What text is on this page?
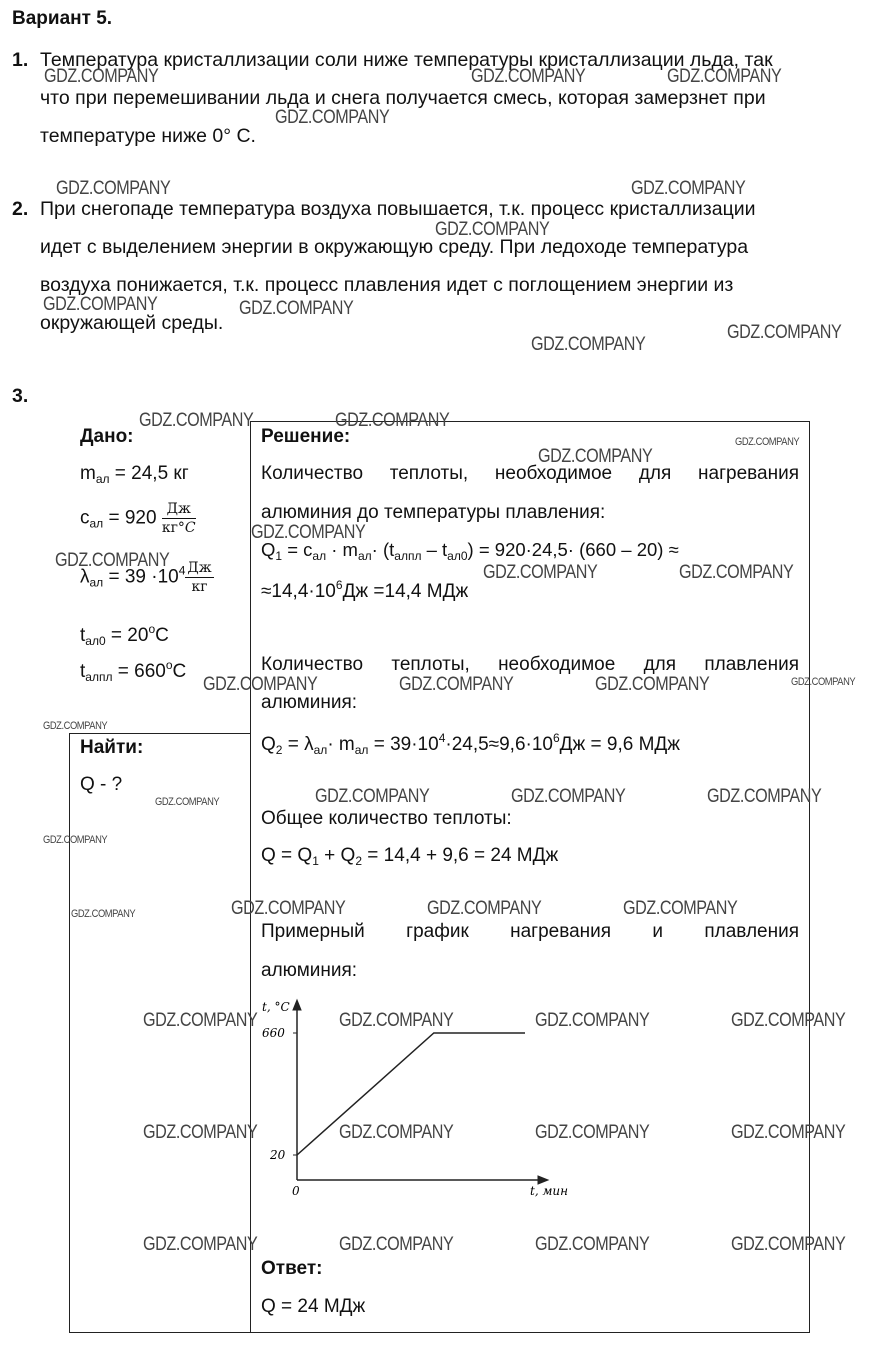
Вариант 5.
1. Температура кристаллизации соли ниже температуры кристаллизации льда, так
что при перемешивании льда и снега получается смесь, которая замерзнет при
температуре ниже 0° С.
2. При снегопаде температура воздуха повышается, т.к. процесс кристаллизации
идет с выделением энергии в окружающую среду. При ледоходе температура
воздуха понижается, т.к. процесс плавления идет с поглощением энергии из
окружающей среды.
3.
Дано:
$m_{ал} = 24,5$ кг
$c_{ал} = 920 \frac{Дж}{кг^\circ C}$
$\lambda_{ал} = 39 \cdot 10^4 \frac{Дж}{кг}$
$t_{ал0} = 20^oC$
$t_{алпл} = 660^oC$
Найти:
Q - ?
Решение:
Количество теплоты, необходимое для нагревания
алюминия до температуры плавления:
$Q_1 = c_{ал} \cdot m_{ал}\cdot (t_{алпл} - t_{ал0}) = 920\cdot 24,5\cdot (660 - 20)$ ≈
$\approx 14,4\cdot 10^6Дж =14,4$ МДж
Количество теплоты, необходимое для плавления
алюминия:
$Q_2 = \lambda_{ал}\cdot m_{ал} = 39\cdot 10^4\cdot 24,5\approx 9,6\cdot 10^6Дж = 9,6$ МДж
Общее количество теплоты:
$Q = Q_1 + Q_2 = 14,4 + 9,6 = 24$ МДж
Примерный график нагревания и плавления
алюминия:
t, °C
t, мин
660
20
0
Ответ:
Q = 24 МДж
GDZ.COMPANY	GDZ.COMPANY	GDZ.COMPANY
GDZ.COMPANY
GDZ.COMPANY	GDZ.COMPANY
GDZ.COMPANY
GDZ.COMPANY	GDZ.COMPANY
GDZ.COMPANY
GDZ.COMPANY
GDZ.COMPANY	GDZ.COMPANY
GDZ.COMPANY
GDZ.COMPANY
GDZ.COMPANY
GDZ.COMPANY
GDZ.COMPANY	GDZ.COMPANY
GDZ.COMPANY
GDZ.COMPANY	GDZ.COMPANY	GDZ.COMPANY
GDZ.COMPANY
GDZ.COMPANY	GDZ.COMPANY	GDZ.COMPANY
GDZ.COMPANY
GDZ.COMPANY
GDZ.COMPANY	GDZ.COMPANY	GDZ.COMPANY	GDZ.COMPANY
GDZ.COMPANY	GDZ.COMPANY	GDZ.COMPANY	GDZ.COMPANY
GDZ.COMPANY	GDZ.COMPANY	GDZ.COMPANY	GDZ.COMPANY
GDZ.COMPANY	GDZ.COMPANY	GDZ.COMPANY	GDZ.COMPANY
